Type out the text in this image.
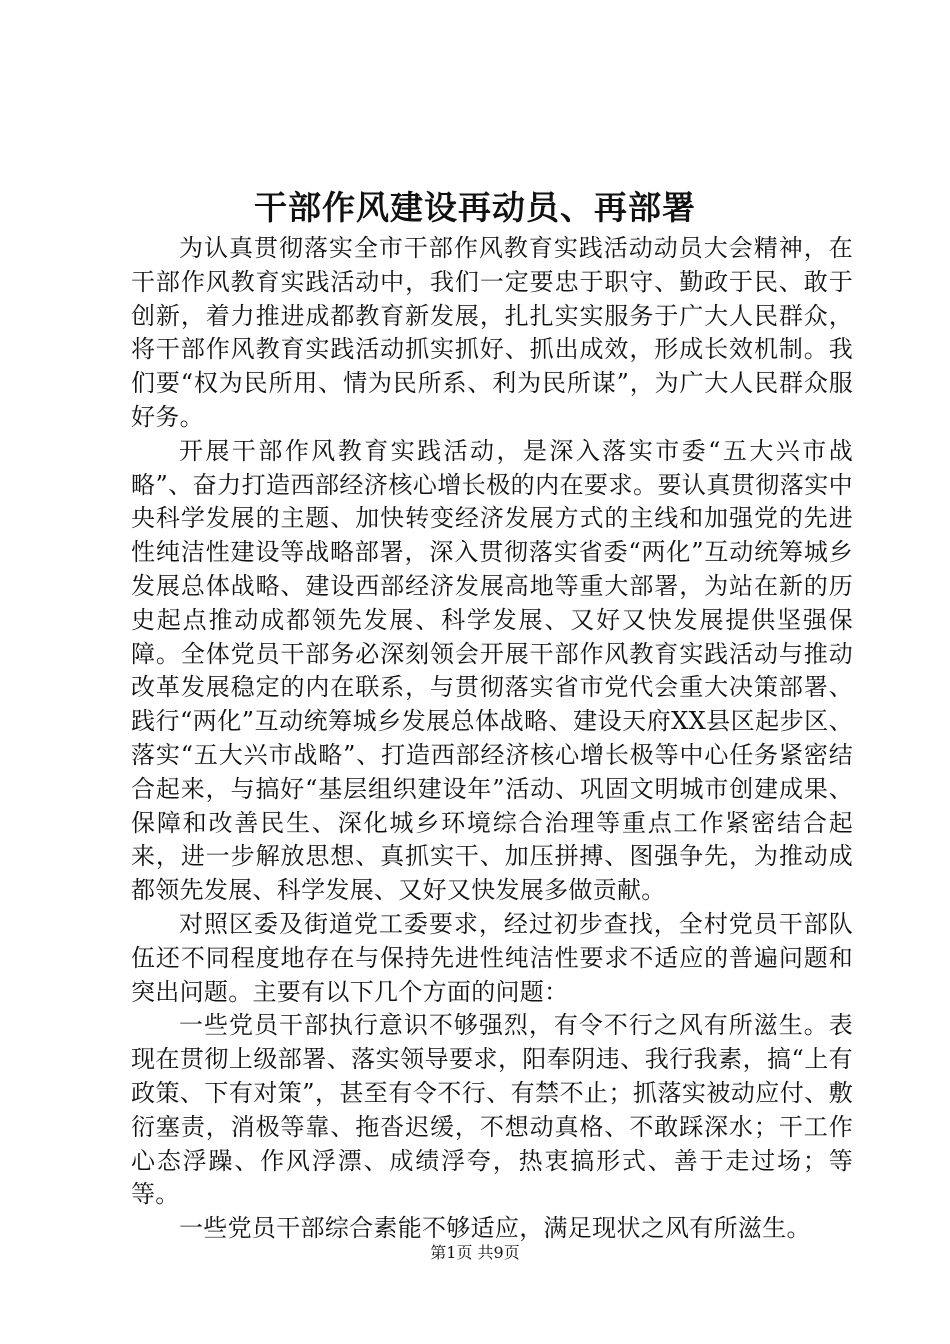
干部作风建设再动员、再部署

为认真贯彻落实全市干部作风教育实践活动动员大会精神，在干部作风教育实践活动中，我们一定要忠于职守、勤政于民、敢于创新，着力推进成都教育新发展，扎扎实实服务于广大人民群众，将干部作风教育实践活动抓实抓好、抓出成效，形成长效机制。我们要“权为民所用、情为民所系、利为民所谋”，为广大人民群众服好务。

开展干部作风教育实践活动，是深入落实市委“五大兴市战略”、奋力打造西部经济核心增长极的内在要求。要认真贯彻落实中央科学发展的主题、加快转变经济发展方式的主线和加强党的先进性纯洁性建设等战略部署，深入贯彻落实省委“两化”互动统筹城乡发展总体战略、建设西部经济发展高地等重大部署，为站在新的历史起点推动成都领先发展、科学发展、又好又快发展提供坚强保障。全体党员干部务必深刻领会开展干部作风教育实践活动与推动改革发展稳定的内在联系，与贯彻落实省市党代会重大决策部署、践行“两化”互动统筹城乡发展总体战略、建设天府XX县区起步区、落实“五大兴市战略”、打造西部经济核心增长极等中心任务紧密结合起来，与搞好“基层组织建设年”活动、巩固文明城市创建成果、保障和改善民生、深化城乡环境综合治理等重点工作紧密结合起来，进一步解放思想、真抓实干、加压拼搏、图强争先，为推动成都领先发展、科学发展、又好又快发展多做贡献。

对照区委及街道党工委要求，经过初步查找，全村党员干部队伍还不同程度地存在与保持先进性纯洁性要求不适应的普遍问题和突出问题。主要有以下几个方面的问题：

一些党员干部执行意识不够强烈，有令不行之风有所滋生。表现在贯彻上级部署、落实领导要求，阳奉阴违、我行我素，搞“上有政策、下有对策”，甚至有令不行、有禁不止；抓落实被动应付、敷衍塞责，消极等靠、拖沓迟缓，不想动真格、不敢踩深水；干工作心态浮躁、作风浮漂、成绩浮夸，热衷搞形式、善于走过场；等等。

一些党员干部综合素能不够适应，满足现状之风有所滋生。

第1页 共9页
